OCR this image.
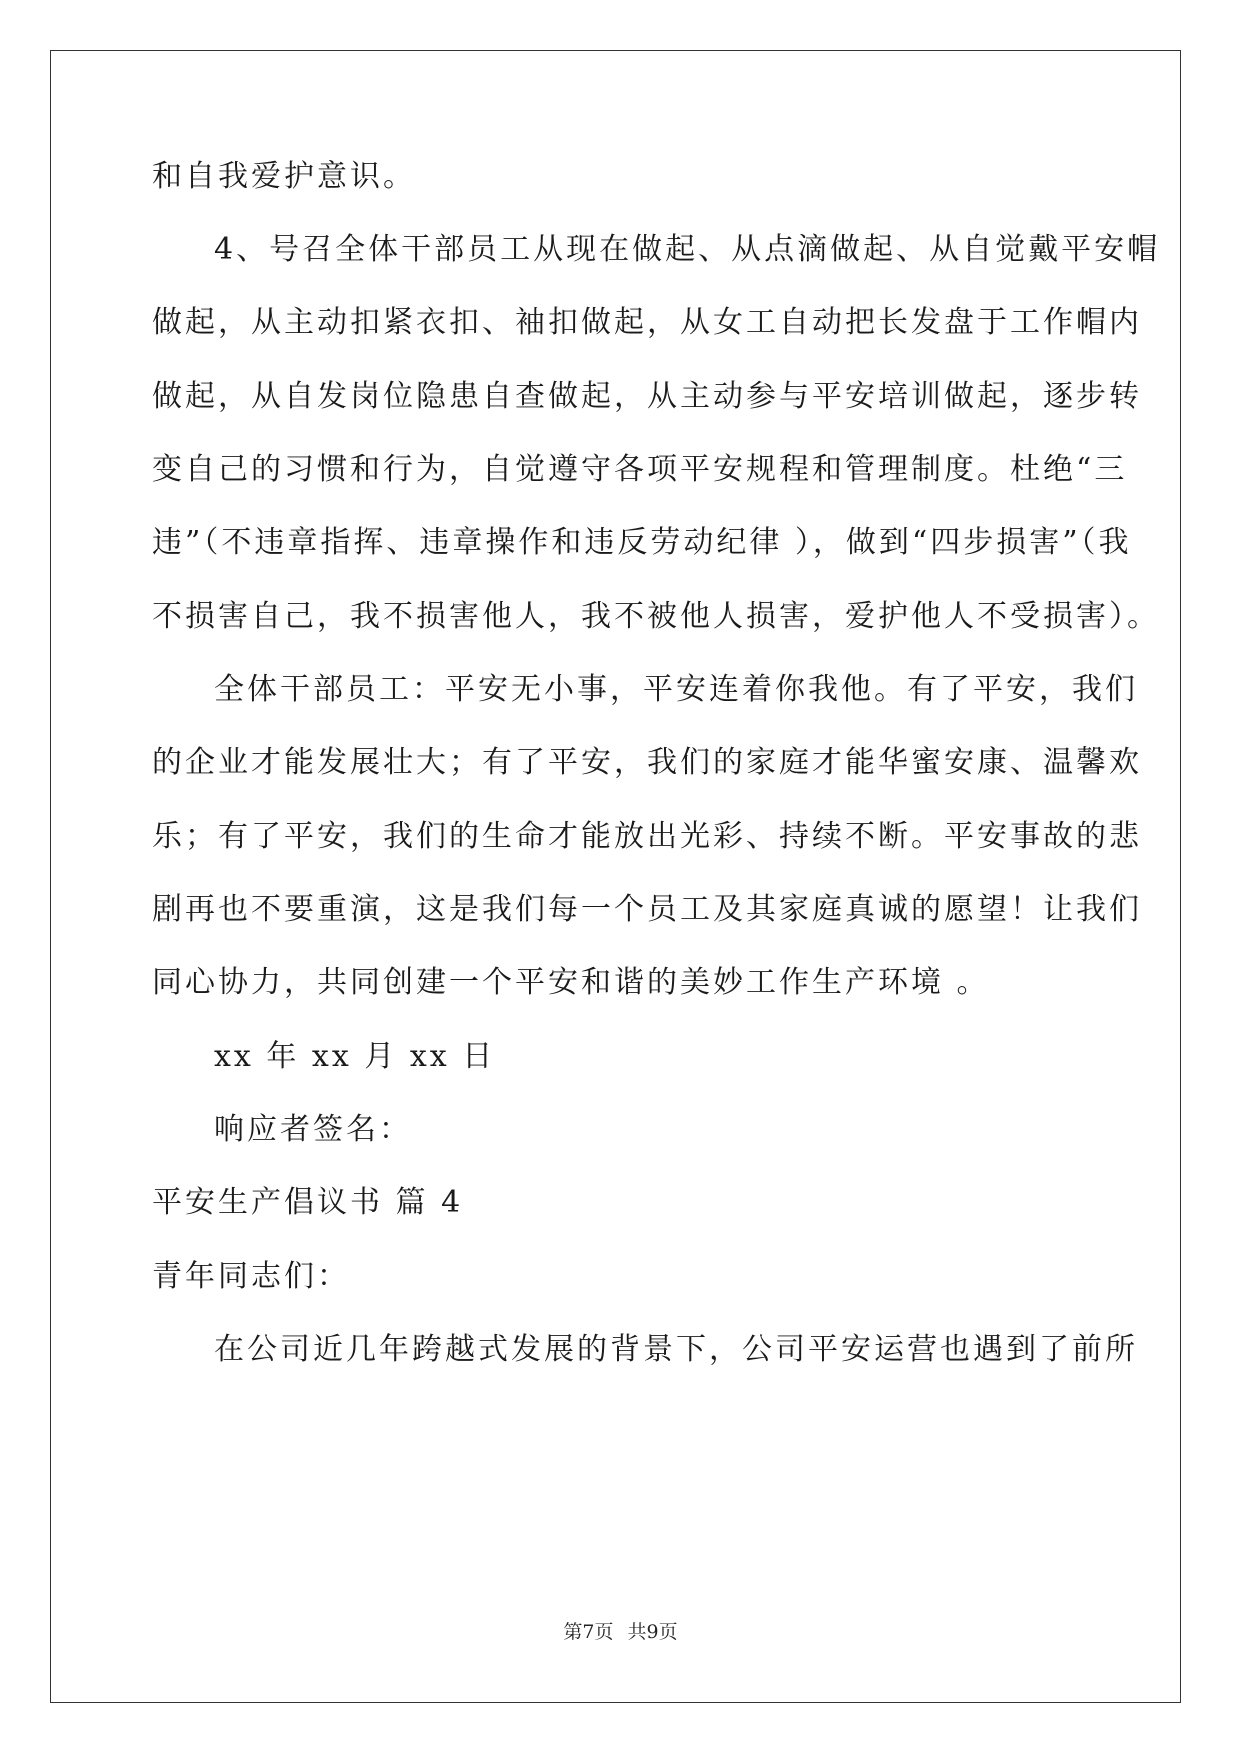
和自我爱护意识。
4、号召全体干部员工从现在做起、从点滴做起、从自觉戴平安帽
做起，从主动扣紧衣扣、袖扣做起，从女工自动把长发盘于工作帽内
做起，从自发岗位隐患自查做起，从主动参与平安培训做起，逐步转
变自己的习惯和行为，自觉遵守各项平安规程和管理制度。杜绝“三
违”（不违章指挥、违章操作和违反劳动纪律 ），做到“四步损害”（我
不损害自己，我不损害他人，我不被他人损害，爱护他人不受损害）。
全体干部员工：平安无小事，平安连着你我他。有了平安，我们
的企业才能发展壮大；有了平安，我们的家庭才能华蜜安康、温馨欢
乐；有了平安，我们的生命才能放出光彩、持续不断。平安事故的悲
剧再也不要重演，这是我们每一个员工及其家庭真诚的愿望！让我们
同心协力，共同创建一个平安和谐的美妙工作生产环境 。
xx 年 xx 月 xx 日
响应者签名：
平安生产倡议书 篇 4
青年同志们：
在公司近几年跨越式发展的背景下，公司平安运营也遇到了前所
第7页 共9页
